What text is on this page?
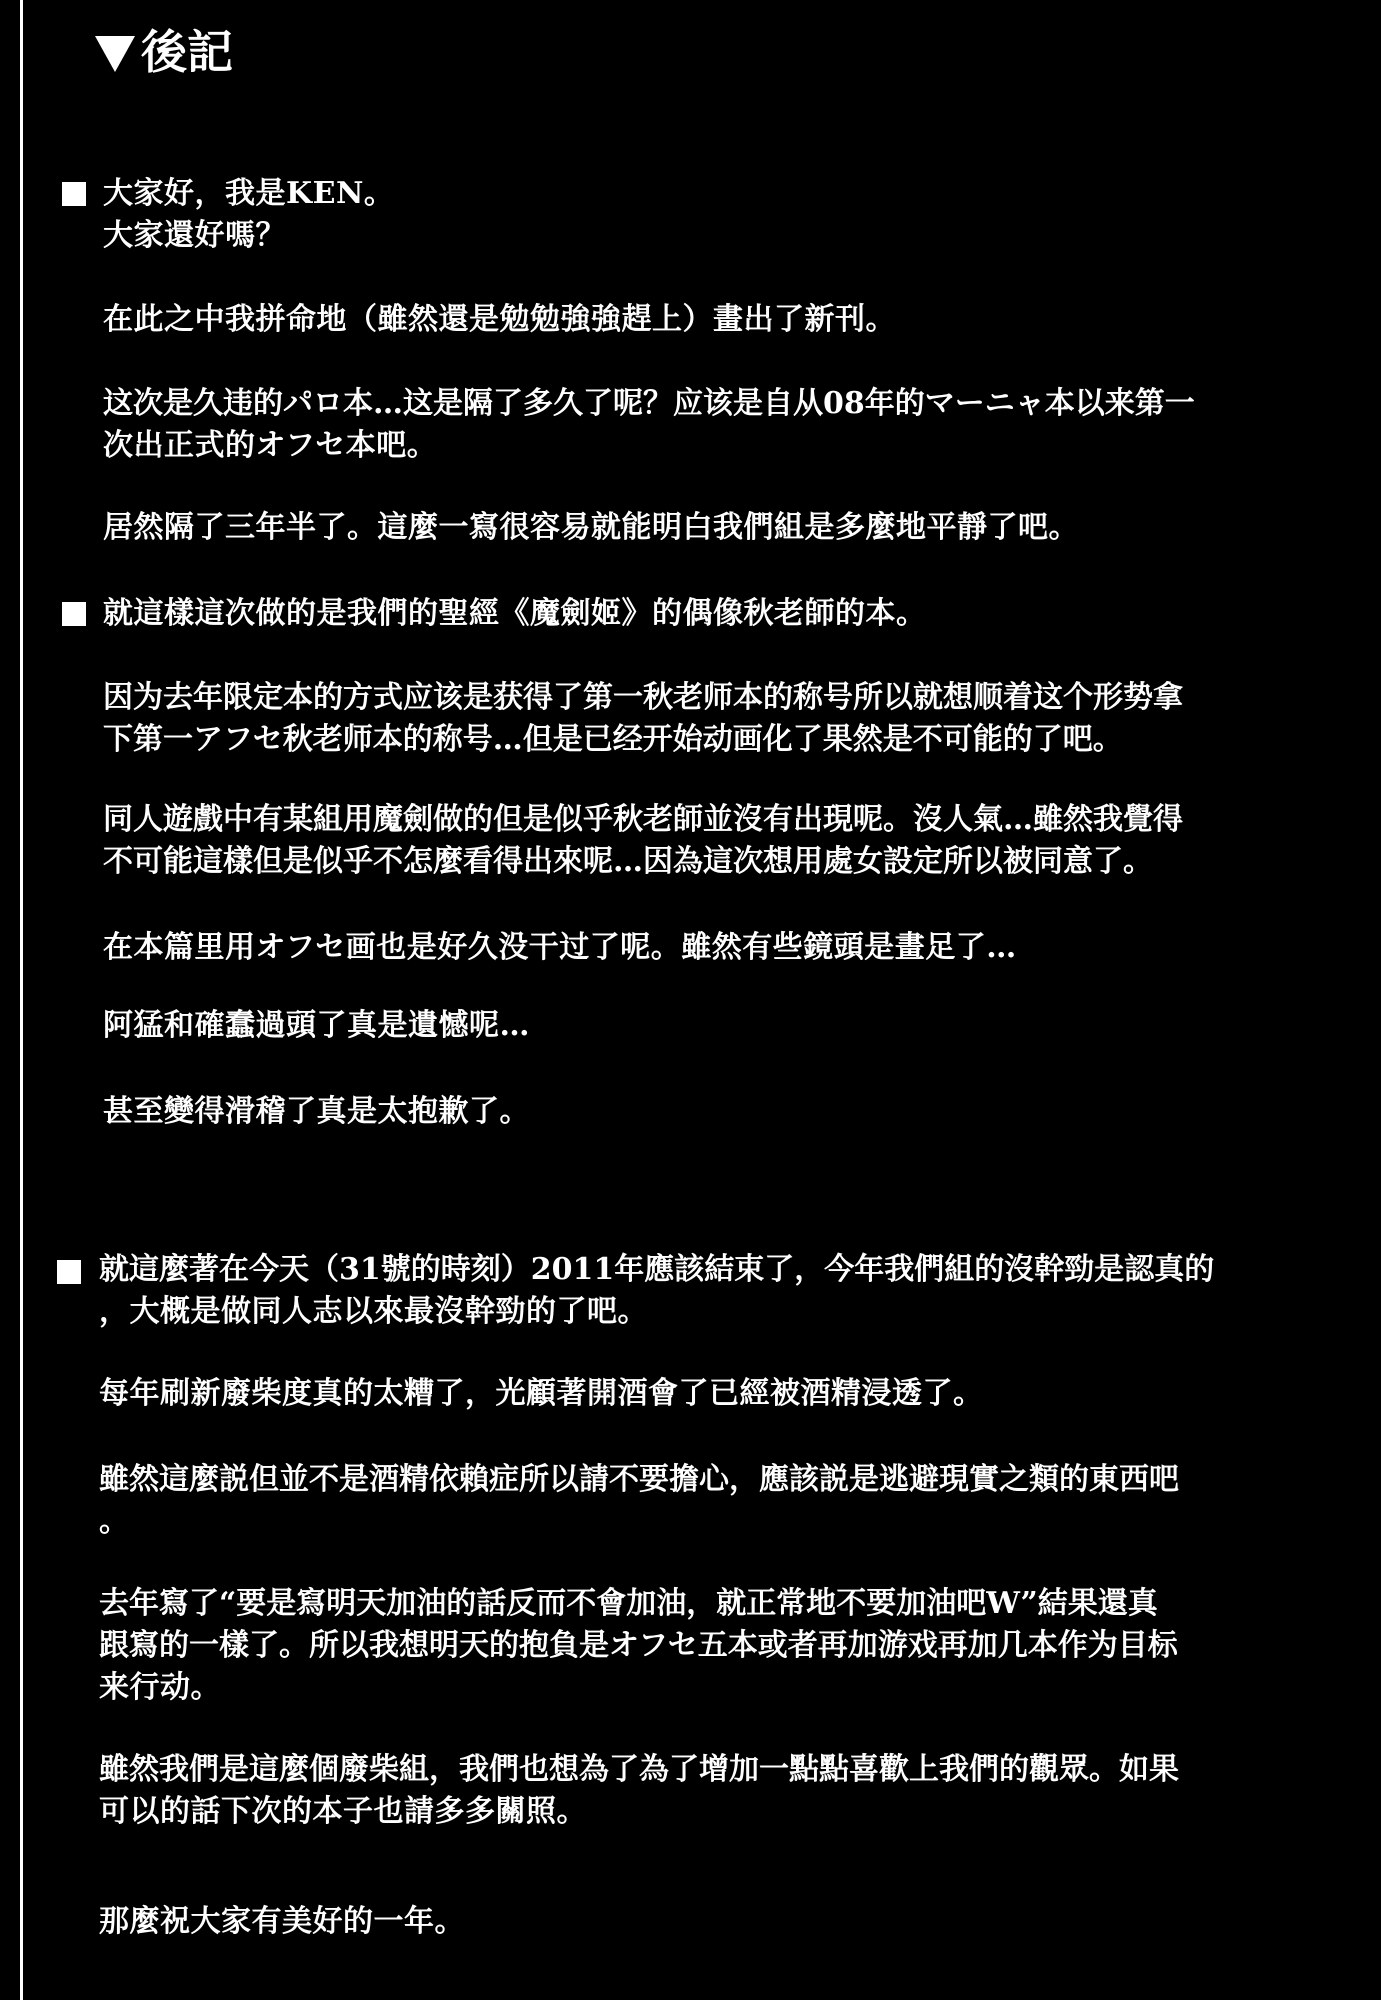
後記
大家好，我是KEN。
大家還好嗎？
在此之中我拼命地（雖然還是勉勉強強趕上）畫出了新刊。
这次是久违的パロ本…这是隔了多久了呢？应该是自从08年的マーニャ本以来第一
次出正式的オフセ本吧。
居然隔了三年半了。這麼一寫很容易就能明白我們組是多麼地平靜了吧。
就這樣這次做的是我們的聖經《魔劍姬》的偶像秋老師的本。
因为去年限定本的方式应该是获得了第一秋老师本的称号所以就想顺着这个形势拿
下第一アフセ秋老师本的称号…但是已经开始动画化了果然是不可能的了吧。
同人遊戲中有某組用魔劍做的但是似乎秋老師並沒有出現呢。沒人氣…雖然我覺得
不可能這樣但是似乎不怎麼看得出來呢…因為這次想用處女設定所以被同意了。
在本篇里用オフセ画也是好久没干过了呢。雖然有些鏡頭是畫足了…
阿猛和確蠢過頭了真是遺憾呢…
甚至變得滑稽了真是太抱歉了。
就這麼著在今天（31號的時刻）2011年應該結束了，今年我們組的沒幹勁是認真的
，大概是做同人志以來最沒幹勁的了吧。
每年刷新廢柴度真的太糟了，光顧著開酒會了已經被酒精浸透了。
雖然這麼説但並不是酒精依賴症所以請不要擔心，應該説是逃避現實之類的東西吧
。
去年寫了“要是寫明天加油的話反而不會加油，就正常地不要加油吧W”結果還真
跟寫的一樣了。所以我想明天的抱負是オフセ五本或者再加游戏再加几本作为目标
来行动。
雖然我們是這麼個廢柴組，我們也想為了為了增加一點點喜歡上我們的觀眾。如果
可以的話下次的本子也請多多關照。
那麼祝大家有美好的一年。
